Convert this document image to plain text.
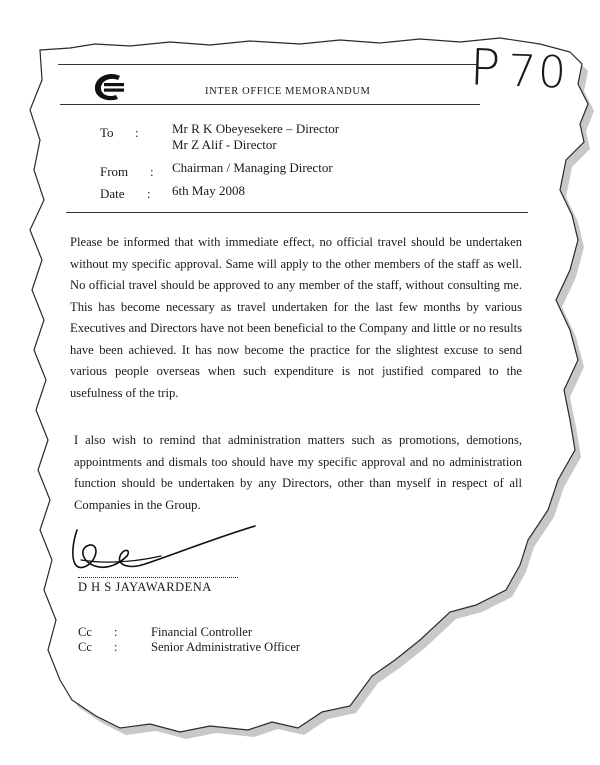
INTER OFFICE MEMORANDUM P70
To :	Mr R K Obeyesekere – Director
Mr Z Alif - Director
From : Chairman / Managing Director
Date : 6th May 2008
Please be informed that with immediate effect, no official travel should be undertaken without my specific approval. Same will apply to the other members of the staff as well. No official travel should be approved to any member of the staff, without consulting me. This has become necessary as travel undertaken for the last few months by various Executives and Directors have not been beneficial to the Company and little or no results have been achieved. It has now become the practice for the slightest excuse to send various people overseas when such expenditure is not justified compared to the usefulness of the trip.
I also wish to remind that administration matters such as promotions, demotions, appointments and dismals too should have my specific approval and no administration function should be undertaken by any Directors, other than myself in respect of all Companies in the Group.
D H S JAYAWARDENA
Cc :	Financial Controller
Cc :	Senior Administrative Officer
